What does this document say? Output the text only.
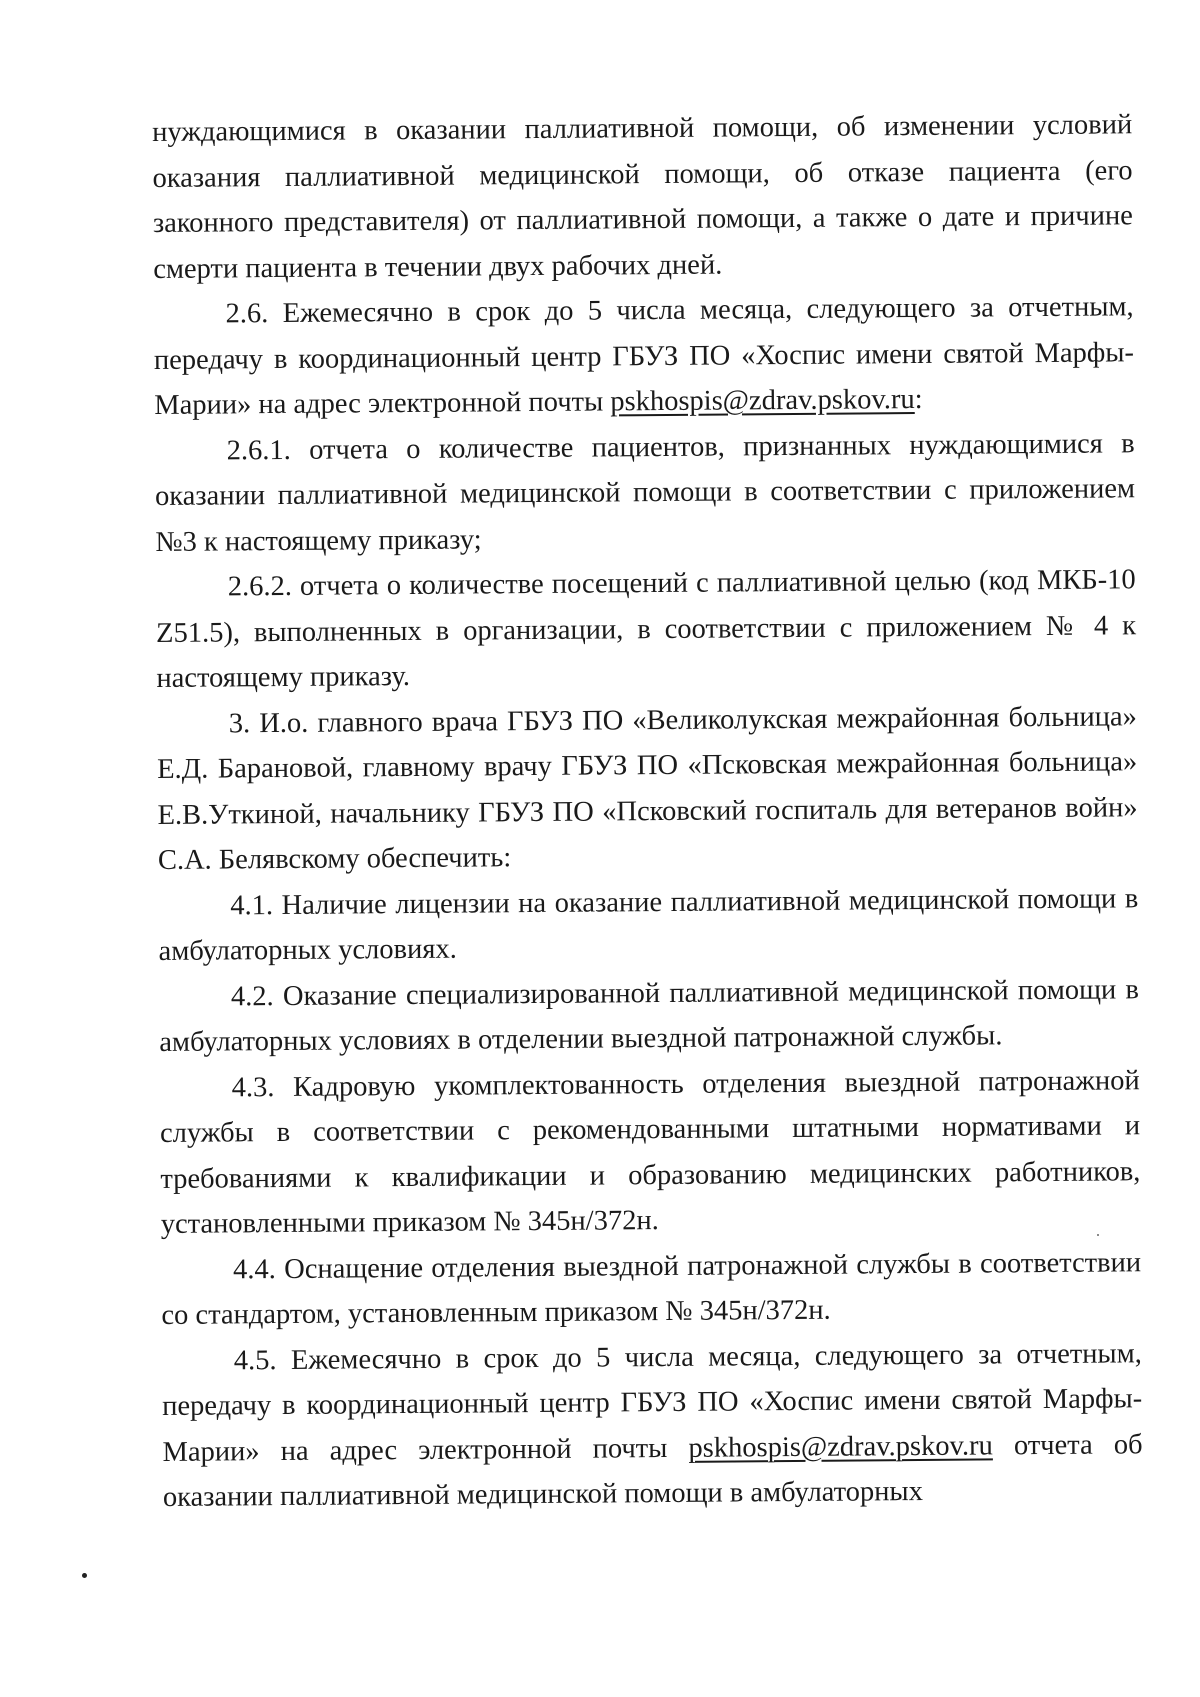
нуждающимися в оказании паллиативной помощи, об изменении условий оказания паллиативной медицинской помощи, об отказе пациента (его законного представителя) от паллиативной помощи, а также о дате и причине смерти пациента в течении двух рабочих дней.

2.6. Ежемесячно в срок до 5 числа месяца, следующего за отчетным, передачу в координационный центр ГБУЗ ПО «Хоспис имени святой Марфы-Марии» на адрес электронной почты pskhospis@zdrav.pskov.ru:

2.6.1. отчета о количестве пациентов, признанных нуждающимися в оказании паллиативной медицинской помощи в соответствии с приложением №3 к настоящему приказу;

2.6.2. отчета о количестве посещений с паллиативной целью (код МКБ-10 Z51.5), выполненных в организации, в соответствии с приложением № 4 к настоящему приказу.

3. И.о. главного врача ГБУЗ ПО «Великолукская межрайонная больница» Е.Д. Барановой, главному врачу ГБУЗ ПО «Псковская межрайонная больница» Е.В.Уткиной, начальнику ГБУЗ ПО «Псковский госпиталь для ветеранов войн» С.А. Белявскому обеспечить:

4.1. Наличие лицензии на оказание паллиативной медицинской помощи в амбулаторных условиях.

4.2. Оказание специализированной паллиативной медицинской помощи в амбулаторных условиях в отделении выездной патронажной службы.

4.3. Кадровую укомплектованность отделения выездной патронажной службы в соответствии с рекомендованными штатными нормативами и требованиями к квалификации и образованию медицинских работников, установленными приказом № 345н/372н.

4.4. Оснащение отделения выездной патронажной службы в соответствии со стандартом, установленным приказом № 345н/372н.

4.5. Ежемесячно в срок до 5 числа месяца, следующего за отчетным, передачу в координационный центр ГБУЗ ПО «Хоспис имени святой Марфы-Марии» на адрес электронной почты pskhospis@zdrav.pskov.ru отчета об оказании паллиативной медицинской помощи в амбулаторных
